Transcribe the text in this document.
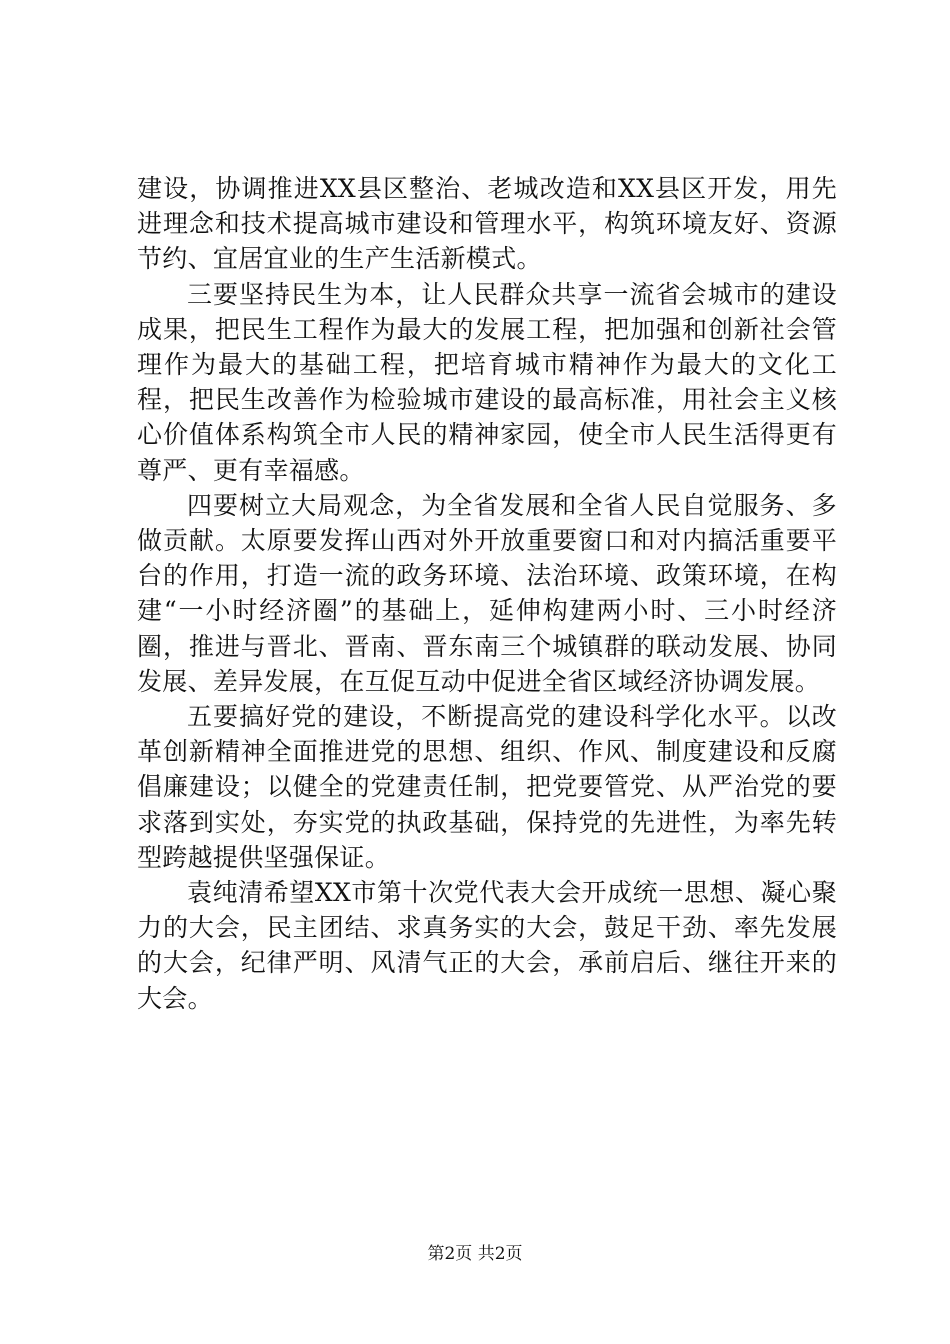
建设，协调推进XX县区整治、老城改造和XX县区开发，用先进理念和技术提高城市建设和管理水平，构筑环境友好、资源节约、宜居宜业的生产生活新模式。

三要坚持民生为本，让人民群众共享一流省会城市的建设成果，把民生工程作为最大的发展工程，把加强和创新社会管理作为最大的基础工程，把培育城市精神作为最大的文化工程，把民生改善作为检验城市建设的最高标准，用社会主义核心价值体系构筑全市人民的精神家园，使全市人民生活得更有尊严、更有幸福感。

四要树立大局观念，为全省发展和全省人民自觉服务、多做贡献。太原要发挥山西对外开放重要窗口和对内搞活重要平台的作用，打造一流的政务环境、法治环境、政策环境，在构建“一小时经济圈”的基础上，延伸构建两小时、三小时经济圈，推进与晋北、晋南、晋东南三个城镇群的联动发展、协同发展、差异发展，在互促互动中促进全省区域经济协调发展。

五要搞好党的建设，不断提高党的建设科学化水平。以改革创新精神全面推进党的思想、组织、作风、制度建设和反腐倡廉建设；以健全的党建责任制，把党要管党、从严治党的要求落到实处，夯实党的执政基础，保持党的先进性，为率先转型跨越提供坚强保证。

袁纯清希望XX市第十次党代表大会开成统一思想、凝心聚力的大会，民主团结、求真务实的大会，鼓足干劲、率先发展的大会，纪律严明、风清气正的大会，承前启后、继往开来的大会。

第2页 共2页
